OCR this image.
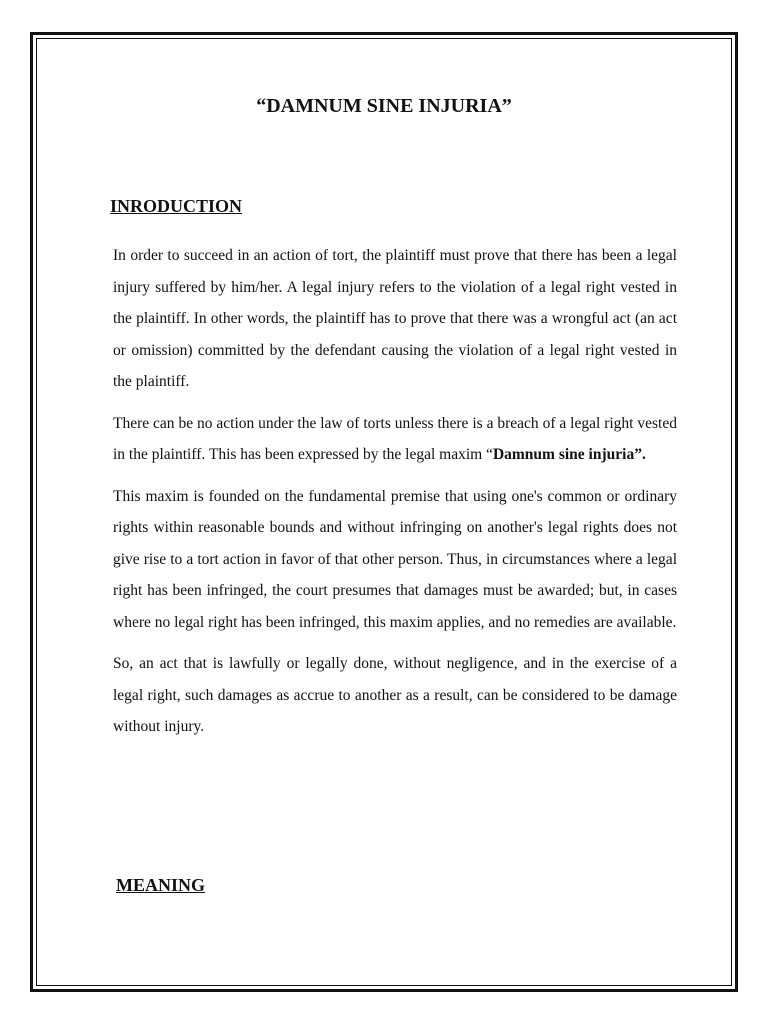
“DAMNUM SINE INJURIA”
INRODUCTION

In order to succeed in an action of tort, the plaintiff must prove that there has been a legal injury suffered by him/her. A legal injury refers to the violation of a legal right vested in the plaintiff. In other words, the plaintiff has to prove that there was a wrongful act (an act or omission) committed by the defendant causing the violation of a legal right vested in the plaintiff.

There can be no action under the law of torts unless there is a breach of a legal right vested in the plaintiff. This has been expressed by the legal maxim “Damnum sine injuria”.

This maxim is founded on the fundamental premise that using one's common or ordinary rights within reasonable bounds and without infringing on another's legal rights does not give rise to a tort action in favor of that other person. Thus, in circumstances where a legal right has been infringed, the court presumes that damages must be awarded; but, in cases where no legal right has been infringed, this maxim applies, and no remedies are available.

So, an act that is lawfully or legally done, without negligence, and in the exercise of a legal right, such damages as accrue to another as a result, can be considered to be damage without injury.

MEANING
